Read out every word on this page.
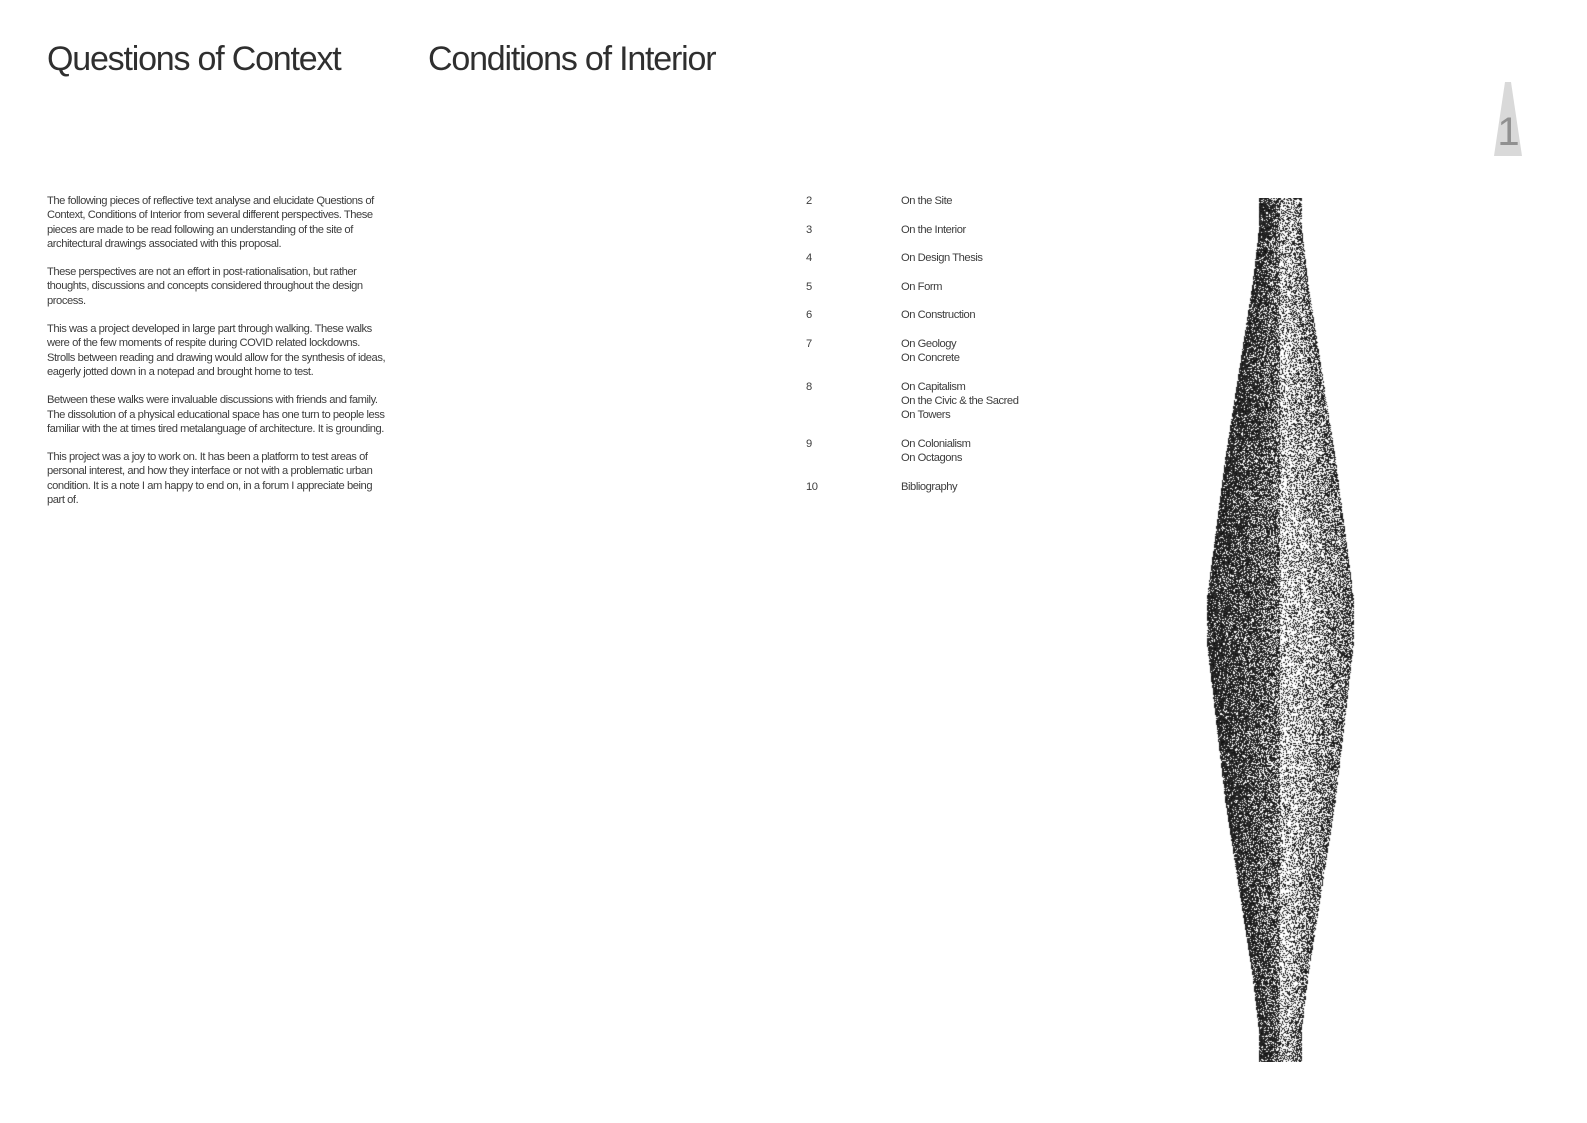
Questions of Context	Conditions of Interior

The following pieces of reflective text analyse and elucidate Questions of Context, Conditions of Interior from several different perspectives. These pieces are made to be read following an understanding of the site of architectural drawings associated with this proposal.

These perspectives are not an effort in post-rationalisation, but rather thoughts, discussions and concepts considered throughout the design process.

This was a project developed in large part through walking. These walks were of the few moments of respite during COVID related lockdowns. Strolls between reading and drawing would allow for the synthesis of ideas, eagerly jotted down in a notepad and brought home to test.

Between these walks were invaluable discussions with friends and family. The dissolution of a physical educational space has one turn to people less familiar with the at times tired metalanguage of architecture. It is grounding.

This project was a joy to work on. It has been a platform to test areas of personal interest, and how they interface or not with a problematic urban condition. It is a note I am happy to end on, in a forum I appreciate being part of.

2	On the Site
3	On the Interior
4	On Design Thesis
5	On Form
6	On Construction
7	On Geology
On Concrete
8	On Capitalism
On the Civic & the Sacred
On Towers
9	On Colonialism
On Octagons
10	Bibliography
1
